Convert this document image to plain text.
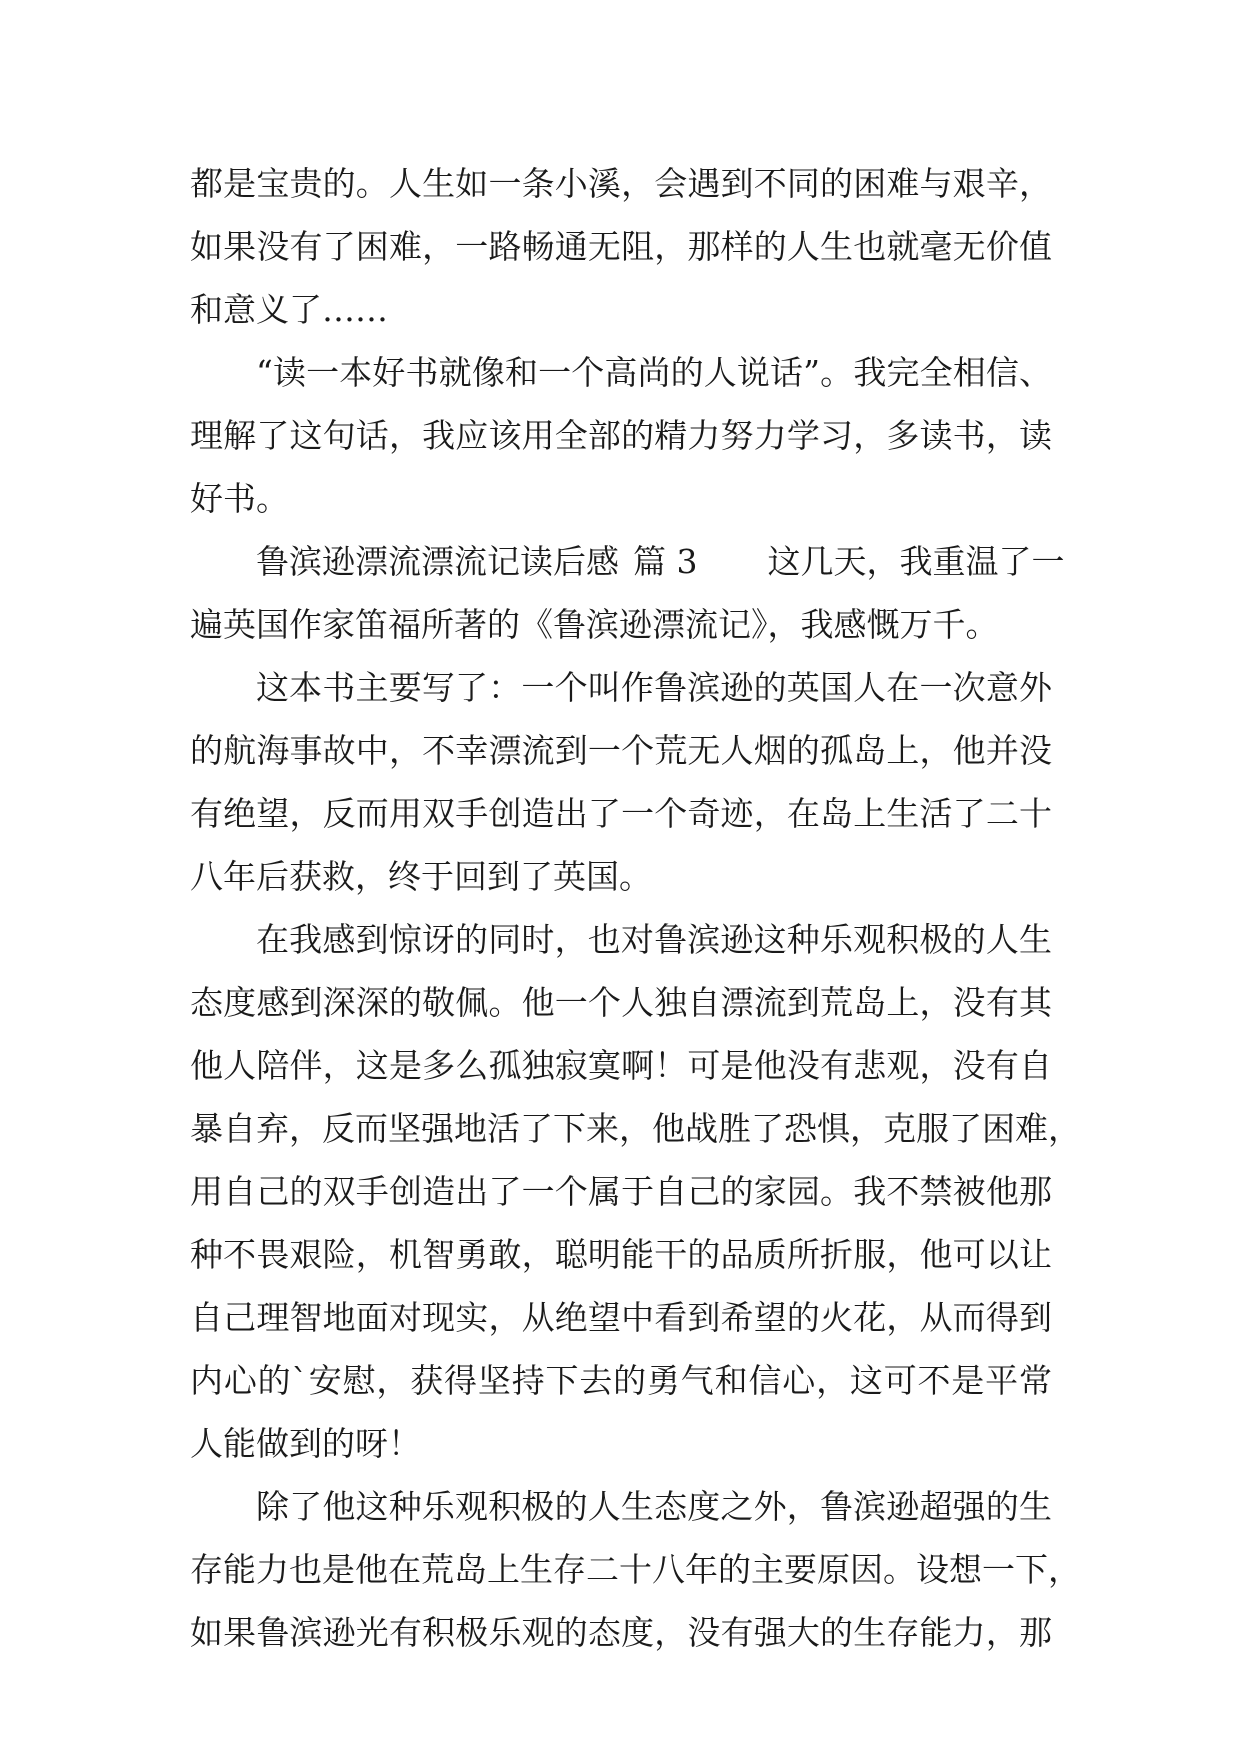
都是宝贵的。人生如一条小溪，会遇到不同的困难与艰辛，
如果没有了困难，一路畅通无阻，那样的人生也就毫无价值
和意义了……
“读一本好书就像和一个高尚的人说话”。我完全相信、
理解了这句话，我应该用全部的精力努力学习，多读书，读
好书。
鲁滨逊漂流漂流记读后感 篇 3 这几天，我重温了一
遍英国作家笛福所著的《鲁滨逊漂流记》，我感慨万千。
这本书主要写了：一个叫作鲁滨逊的英国人在一次意外
的航海事故中，不幸漂流到一个荒无人烟的孤岛上，他并没
有绝望，反而用双手创造出了一个奇迹，在岛上生活了二十
八年后获救，终于回到了英国。
在我感到惊讶的同时，也对鲁滨逊这种乐观积极的人生
态度感到深深的敬佩。他一个人独自漂流到荒岛上，没有其
他人陪伴，这是多么孤独寂寞啊！可是他没有悲观，没有自
暴自弃，反而坚强地活了下来，他战胜了恐惧，克服了困难，
用自己的双手创造出了一个属于自己的家园。我不禁被他那
种不畏艰险，机智勇敢，聪明能干的品质所折服，他可以让
自己理智地面对现实，从绝望中看到希望的火花，从而得到
内心的`安慰，获得坚持下去的勇气和信心，这可不是平常
人能做到的呀！
除了他这种乐观积极的人生态度之外，鲁滨逊超强的生
存能力也是他在荒岛上生存二十八年的主要原因。设想一下，
如果鲁滨逊光有积极乐观的态度，没有强大的生存能力，那
